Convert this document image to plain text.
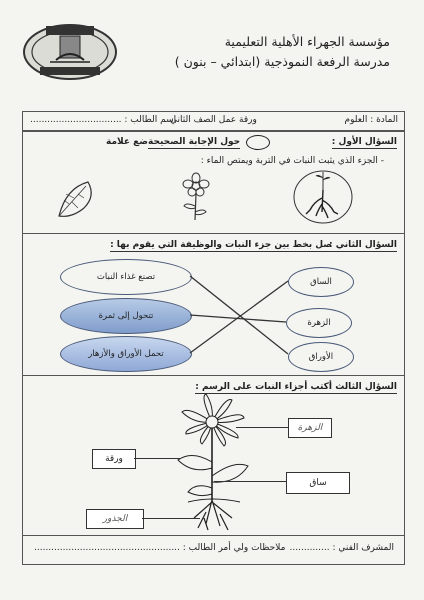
مؤسسة الجهراء الأهلية التعليمية
مدرسة الرفعة النموذجية (ابتدائي – بنون )
المادة : العلوم
ورقة عمل الصف الثاني
اسم الطالب : ................................
السؤال الأول :
ضع علامة حول الإجابة الصحيحة
- الجزء الذي يثبت النبات في التربة ويمتص الماء :
السؤال الثاني :
صل بخط بين جزء النبات والوظيفة التي يقوم بها :
تصنع غذاء النبات
تتحول إلى ثمرة
تحمل الأوراق والأزهار
الساق
الزهرة
الأوراق
السؤال الثالث :
أكتب أجزاء النبات على الرسم :
الزهرة
ورقة
ساق
الجذور
المشرف الفني : ..............
ملاحظات ولي أمر الطالب : ...................................................
